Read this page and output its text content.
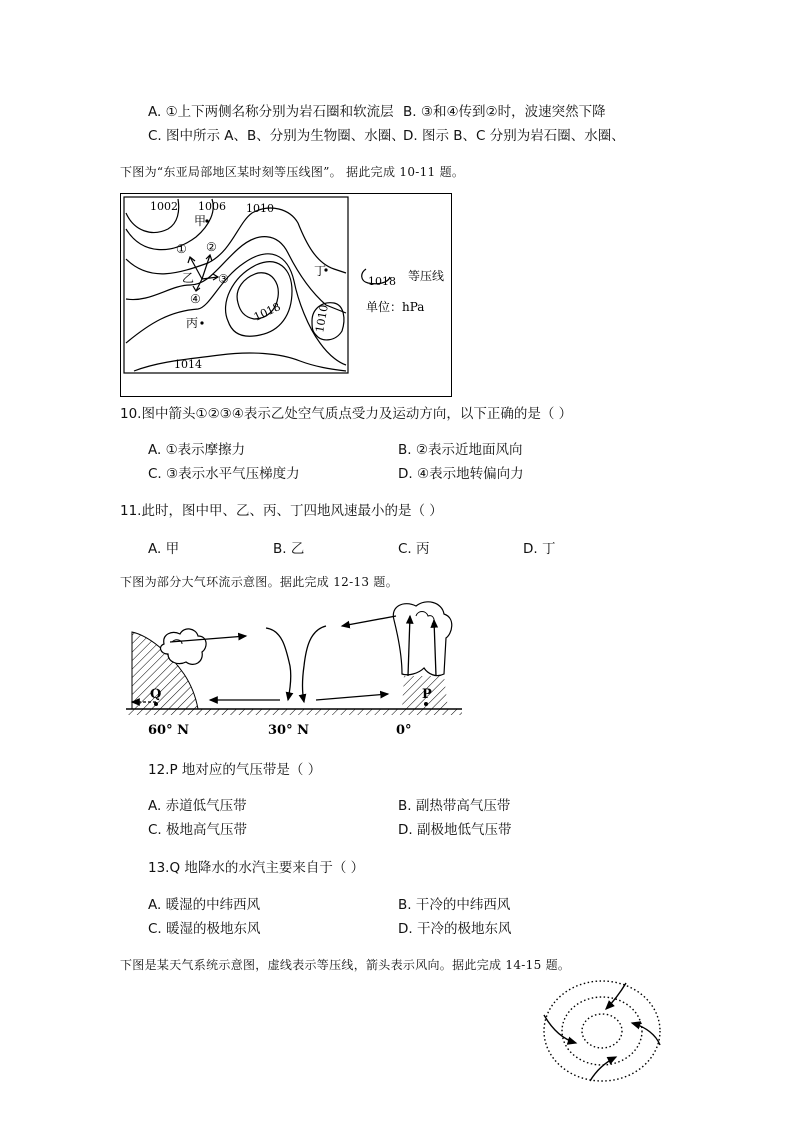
A. ①上下两侧名称分别为岩石圈和软流层 B. ③和④传到②时，波速突然下降
C. 图中所示 A、B、分别为生物圈、水圈、
D. 图示 B、C 分别为岩石圈、水圈、
下图为“东亚局部地区某时刻等压线图”。 据此完成 10-11 题。
1002 1006 1010
1018	1010
1014
1018
甲
乙
丙
丁
① ②
③
④
等压线
单位：hPa
10.图中箭头①②③④表示乙处空气质点受力及运动方向，以下正确的是（ ）
A. ①表示摩擦力	B. ②表示近地面风向
C. ③表示水平气压梯度力	D. ④表示地转偏向力
11.此时，图中甲、乙、丙、丁四地风速最小的是（ ）
A. 甲	B. 乙	C. 丙	D. 丁
下图为部分大气环流示意图。据此完成 12-13 题。
Q	P
60° N	30° N	0°
12.P 地对应的气压带是（ ）
A. 赤道低气压带	B. 副热带高气压带
C. 极地高气压带	D. 副极地低气压带
13.Q 地降水的水汽主要来自于（ ）
A. 暖湿的中纬西风	B. 干冷的中纬西风
C. 暖湿的极地东风	D. 干冷的极地东风
下图是某天气系统示意图，虚线表示等压线，箭头表示风向。据此完成 14-15 题。
